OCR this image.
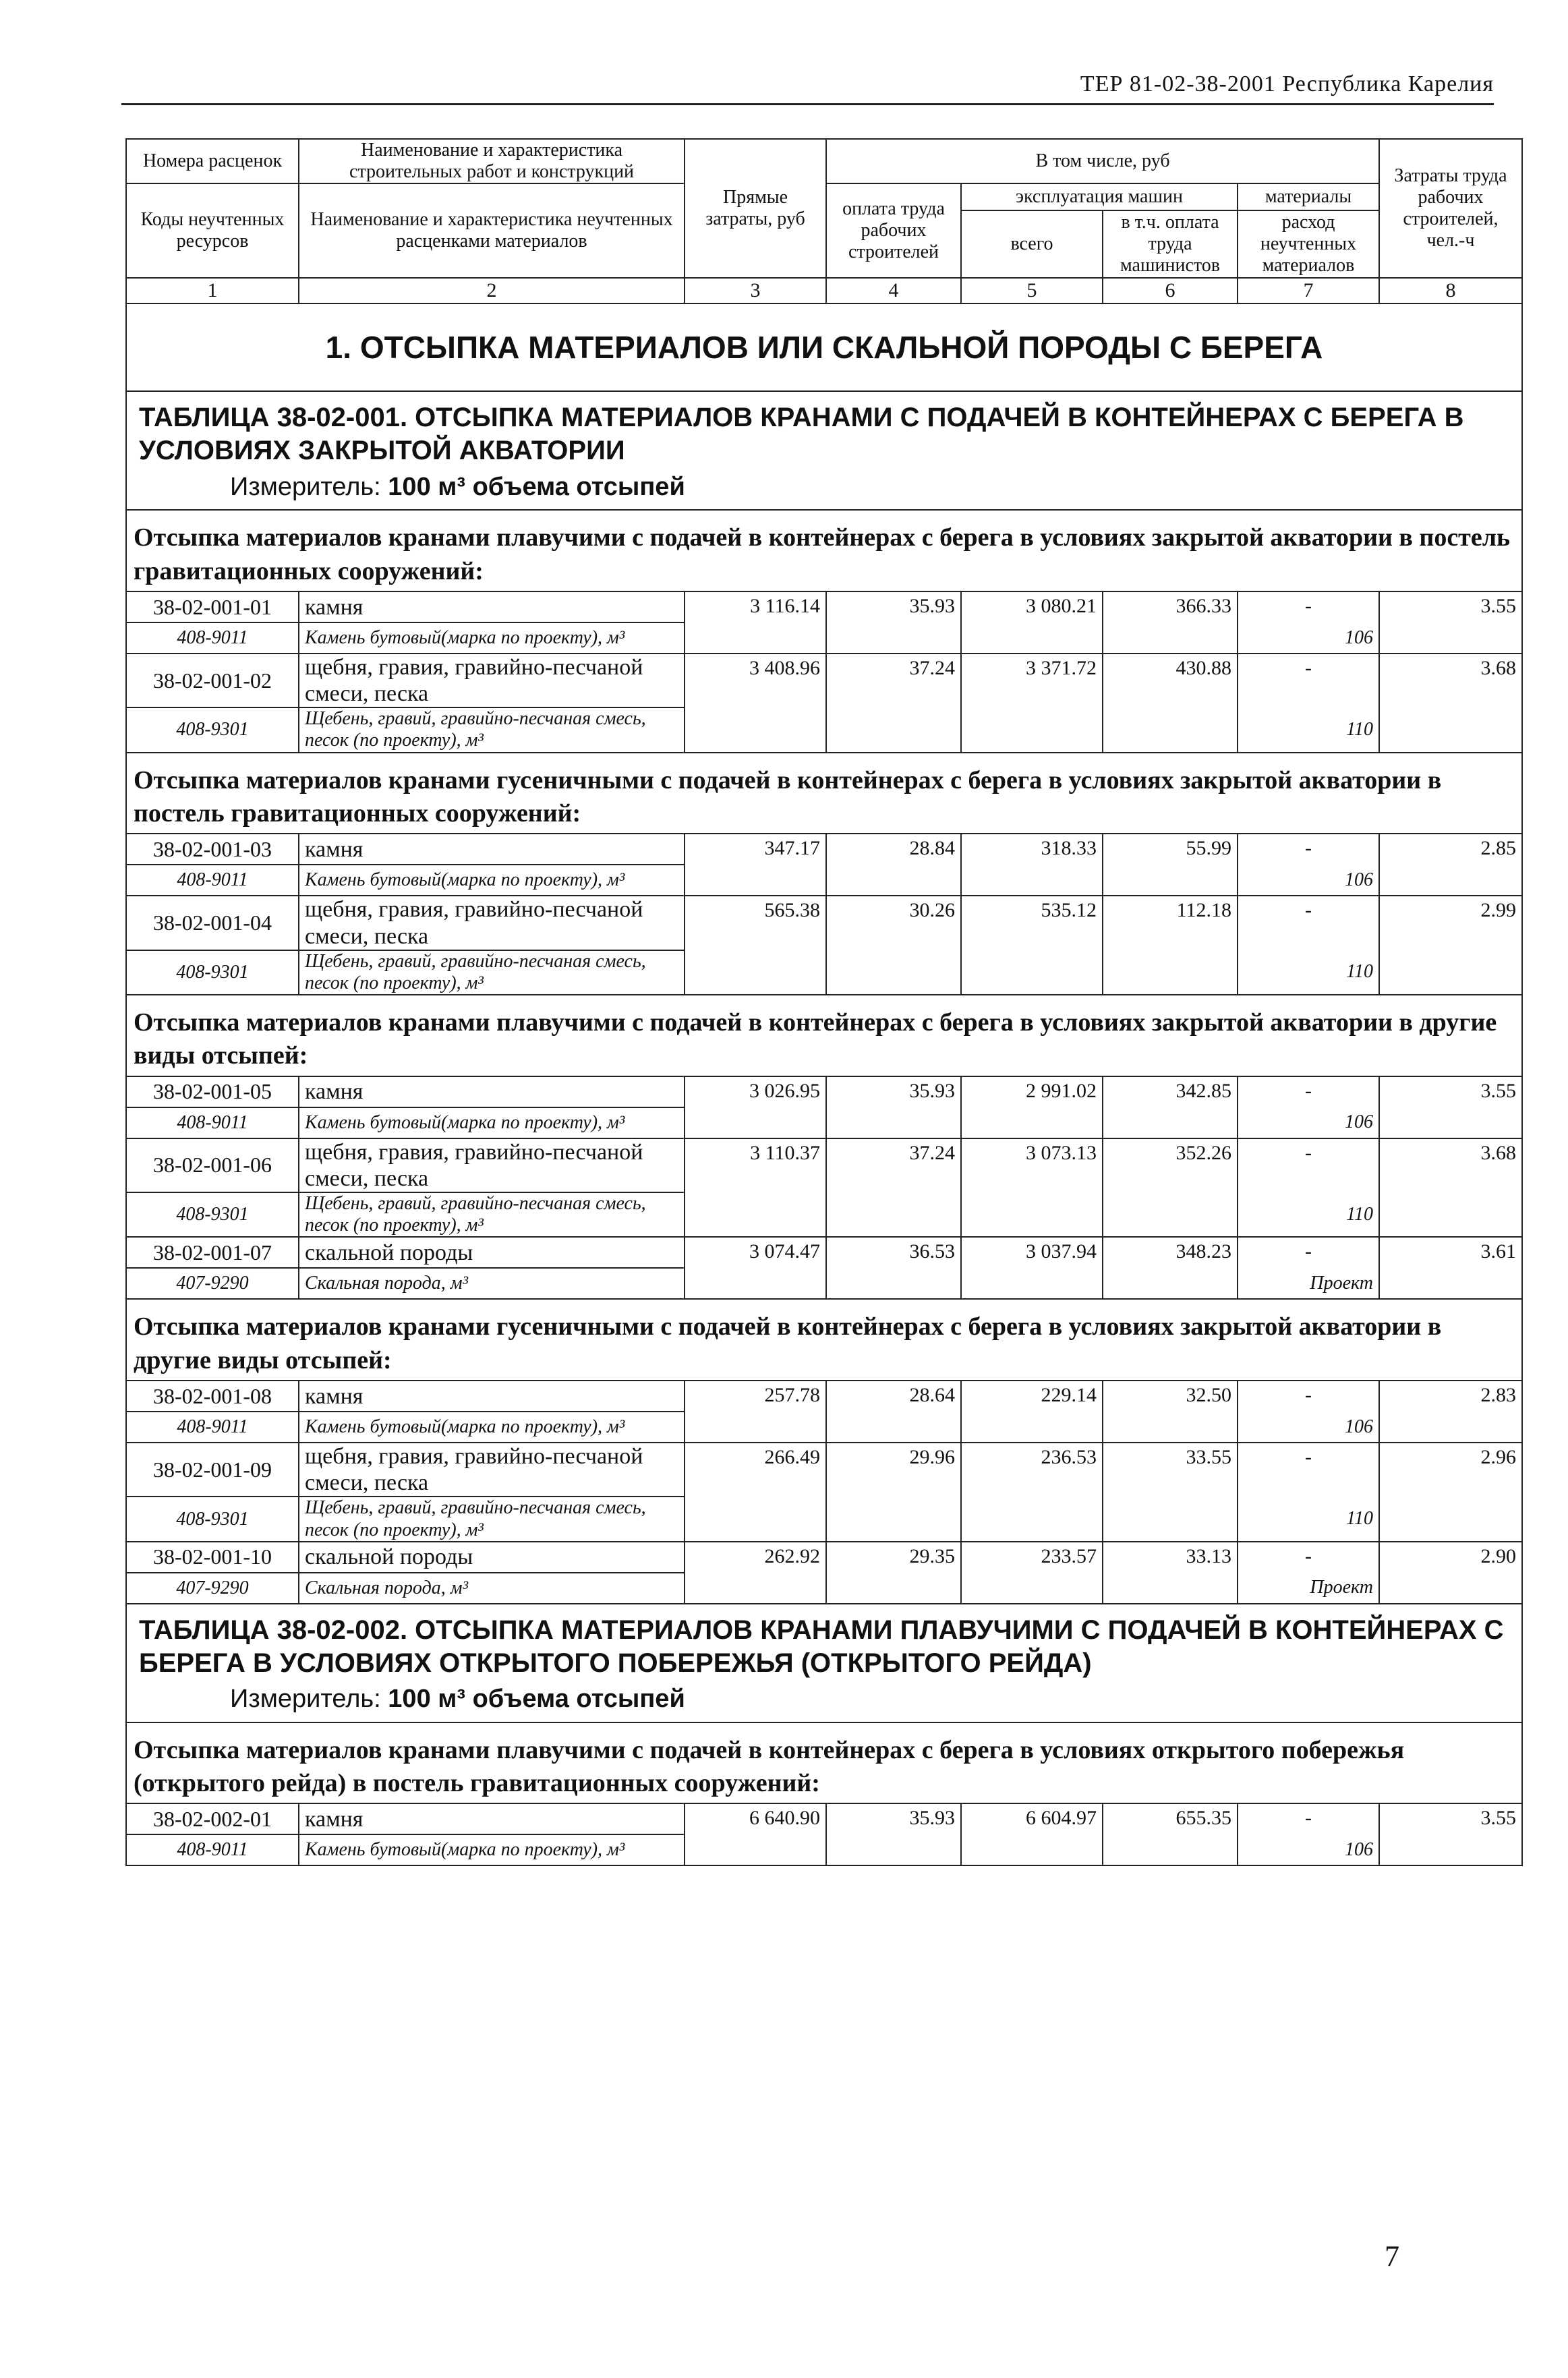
ТЕР 81-02-38-2001 Республика Карелия
Номера расценок	Наименование и характеристика строительных работ и конструкций	Прямые затраты, руб	В том числе, руб				Затраты труда рабочих строителей, чел.-ч
Коды неучтенных ресурсов	Наименование и характеристика неучтенных расценками материалов		оплата труда рабочих строителей	эксплуатация машин		материалы	
				всего	в т.ч. оплата труда машинистов	расход неучтенных материалов	
1	2	3	4	5	6	7	8
1. ОТСЫПКА МАТЕРИАЛОВ ИЛИ СКАЛЬНОЙ ПОРОДЫ С БЕРЕГА							

ТАБЛИЦА 38-02-001. ОТСЫПКА МАТЕРИАЛОВ КРАНАМИ С ПОДАЧЕЙ В КОНТЕЙНЕРАХ С БЕРЕГА В УСЛОВИЯХ ЗАКРЫТОЙ АКВАТОРИИ
Измеритель: 100 м³ объема отсыпей							

Отсыпка материалов кранами плавучими с подачей в контейнерах с берега в условиях закрытой акватории в постель гравитационных сооружений:							
38-02-001-01	камня	3 116.14	35.93	3 080.21	366.33	-	3.55
408-9011	Камень бутовый(марка по проекту), м³					106	
38-02-001-02	щебня, гравия, гравийно-песчаной смеси, песка	3 408.96	37.24	3 371.72	430.88	-	3.68
408-9301	Щебень, гравий, гравийно-песчаная смесь, песок (по проекту), м³					110	
Отсыпка материалов кранами гусеничными с подачей в контейнерах с берега в условиях закрытой акватории в постель гравитационных сооружений:							
38-02-001-03	камня	347.17	28.84	318.33	55.99	-	2.85
408-9011	Камень бутовый(марка по проекту), м³					106	
38-02-001-04	щебня, гравия, гравийно-песчаной смеси, песка	565.38	30.26	535.12	112.18	-	2.99
408-9301	Щебень, гравий, гравийно-песчаная смесь, песок (по проекту), м³					110	
Отсыпка материалов кранами плавучими с подачей в контейнерах с берега в условиях закрытой акватории в другие виды отсыпей:							
38-02-001-05	камня	3 026.95	35.93	2 991.02	342.85	-	3.55
408-9011	Камень бутовый(марка по проекту), м³					106	
38-02-001-06	щебня, гравия, гравийно-песчаной смеси, песка	3 110.37	37.24	3 073.13	352.26	-	3.68
408-9301	Щебень, гравий, гравийно-песчаная смесь, песок (по проекту), м³					110	
38-02-001-07	скальной породы	3 074.47	36.53	3 037.94	348.23	-	3.61
407-9290	Скальная порода, м³					Проект	
Отсыпка материалов кранами гусеничными с подачей в контейнерах с берега в условиях закрытой акватории в другие виды отсыпей:							
38-02-001-08	камня	257.78	28.64	229.14	32.50	-	2.83
408-9011	Камень бутовый(марка по проекту), м³					106	
38-02-001-09	щебня, гравия, гравийно-песчаной смеси, песка	266.49	29.96	236.53	33.55	-	2.96
408-9301	Щебень, гравий, гравийно-песчаная смесь, песок (по проекту), м³					110	
38-02-001-10	скальной породы	262.92	29.35	233.57	33.13	-	2.90
407-9290	Скальная порода, м³					Проект	

ТАБЛИЦА 38-02-002. ОТСЫПКА МАТЕРИАЛОВ КРАНАМИ ПЛАВУЧИМИ С ПОДАЧЕЙ В КОНТЕЙНЕРАХ С БЕРЕГА В УСЛОВИЯХ ОТКРЫТОГО ПОБЕРЕЖЬЯ (ОТКРЫТОГО РЕЙДА)
Измеритель: 100 м³ объема отсыпей							

Отсыпка материалов кранами плавучими с подачей в контейнерах с берега в условиях открытого побережья (открытого рейда) в постель гравитационных сооружений:							
38-02-002-01	камня	6 640.90	35.93	6 604.97	655.35	-	3.55
408-9011	Камень бутовый(марка по проекту), м³					106	
7
